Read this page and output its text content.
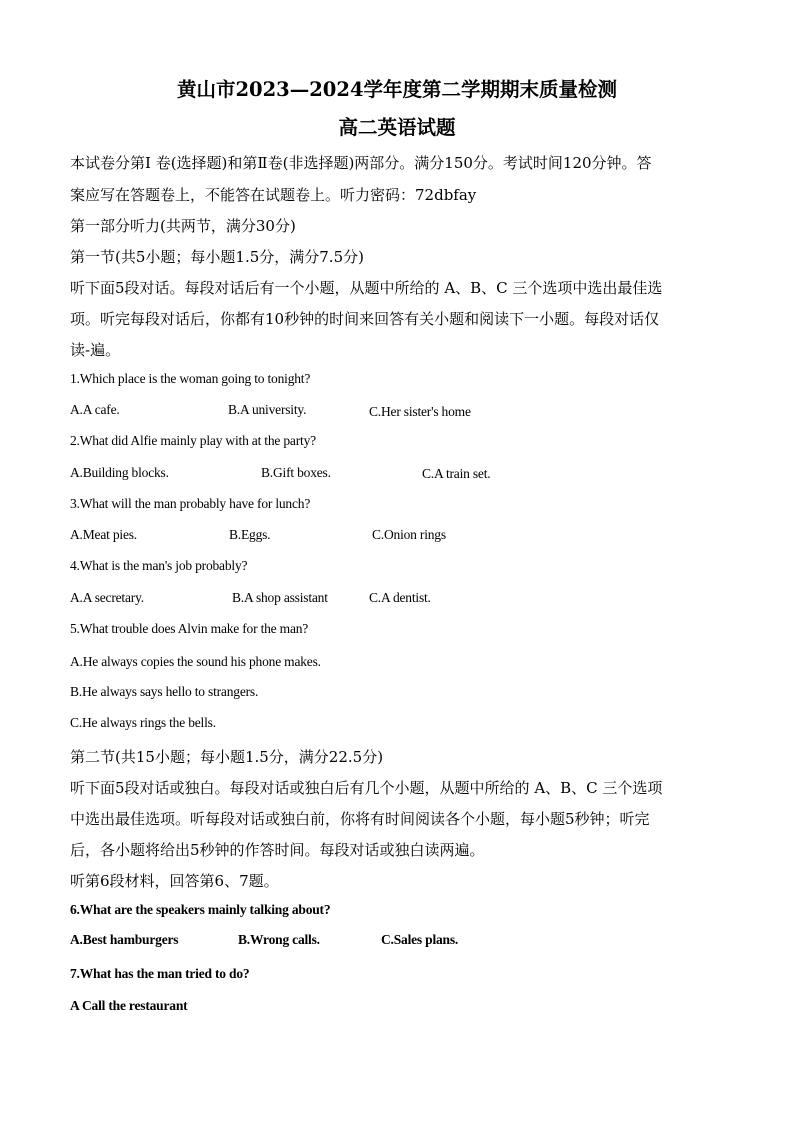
黄山市2023—2024学年度第二学期期末质量检测
高二英语试题
本试卷分第Ⅰ 卷(选择题)和第Ⅱ卷(非选择题)两部分。满分150分。考试时间120分钟。答
案应写在答题卷上，不能答在试题卷上。听力密码：72dbfay
第一部分听力(共两节，满分30分)
第一节(共5小题；每小题1.5分，满分7.5分)
听下面5段对话。每段对话后有一个小题，从题中所给的 A、B、C 三个选项中选出最佳选
项。听完每段对话后，你都有10秒钟的时间来回答有关小题和阅读下一小题。每段对话仅
读-遍。
1.Which place is the woman going to tonight?
A.A cafe.	B.A university.	C.Her sister's home
2.What did Alfie mainly play with at the party?
A.Building blocks.	B.Gift boxes.	C.A train set.
3.What will the man probably have for lunch?
A.Meat pies.	B.Eggs.	C.Onion rings
4.What is the man's job probably?
A.A secretary.	B.A shop assistant	C.A dentist.
5.What trouble does Alvin make for the man?
A.He always copies the sound his phone makes.
B.He always says hello to strangers.
C.He always rings the bells.
第二节(共15小题；每小题1.5分，满分22.5分)
听下面5段对话或独白。每段对话或独白后有几个小题，从题中所给的 A、B、C 三个选项
中选出最佳选项。听每段对话或独白前，你将有时间阅读各个小题，每小题5秒钟；听完
后，各小题将给出5秒钟的作答时间。每段对话或独白读两遍。
听第6段材料，回答第6、7题。
6.What are the speakers mainly talking about?
A.Best hamburgers	B.Wrong calls.	C.Sales plans.
7.What has the man tried to do?
A Call the restaurant
